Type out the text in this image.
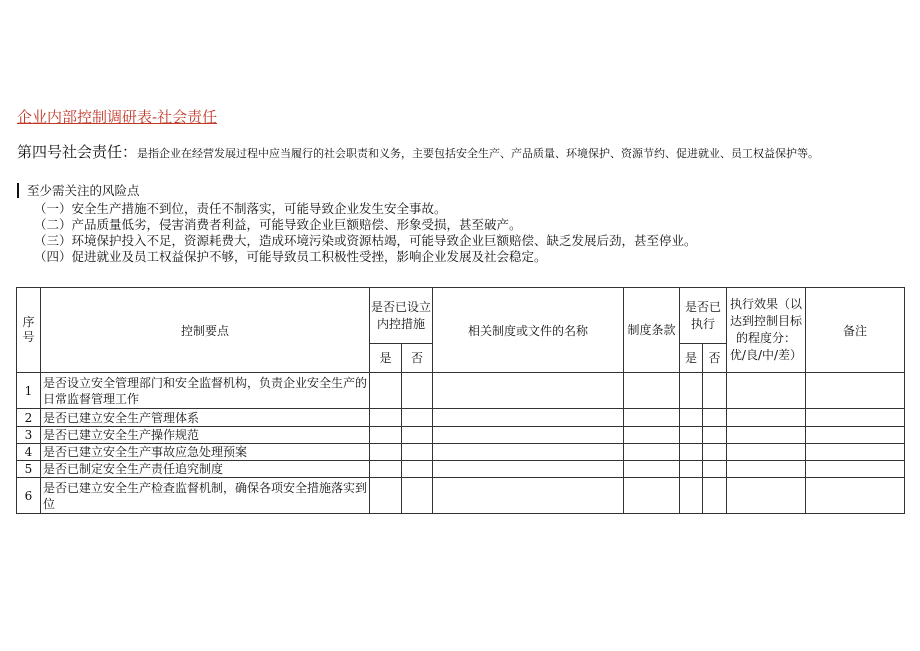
企业内部控制调研表-社会责任
第四号社会责任：是指企业在经营发展过程中应当履行的社会职责和义务，主要包括安全生产、产品质量、环境保护、资源节约、促进就业、员工权益保护等。
至少需关注的风险点
（一）安全生产措施不到位，责任不制落实，可能导致企业发生安全事故。
（二）产品质量低劣，侵害消费者利益，可能导致企业巨额赔偿、形象受损，甚至破产。
（三）环境保护投入不足，资源耗费大，造成环境污染或资源枯竭，可能导致企业巨额赔偿、缺乏发展后劲，甚至停业。
（四）促进就业及员工权益保护不够，可能导致员工积极性受挫，影响企业发展及社会稳定。
序号	控制要点	是否已设立内控措施		相关制度或文件的名称	制度条款	是否已执行		执行效果（以达到控制目标的程度分：优/良/中/差）	备注
		是	否			是	否		
1	是否设立安全管理部门和安全监督机构，负责企业安全生产的日常监督管理工作								
2	是否已建立安全生产管理体系								
3	是否已建立安全生产操作规范								
4	是否已建立安全生产事故应急处理预案								
5	是否已制定安全生产责任追究制度								
6	是否已建立安全生产检查监督机制，确保各项安全措施落实到位								
